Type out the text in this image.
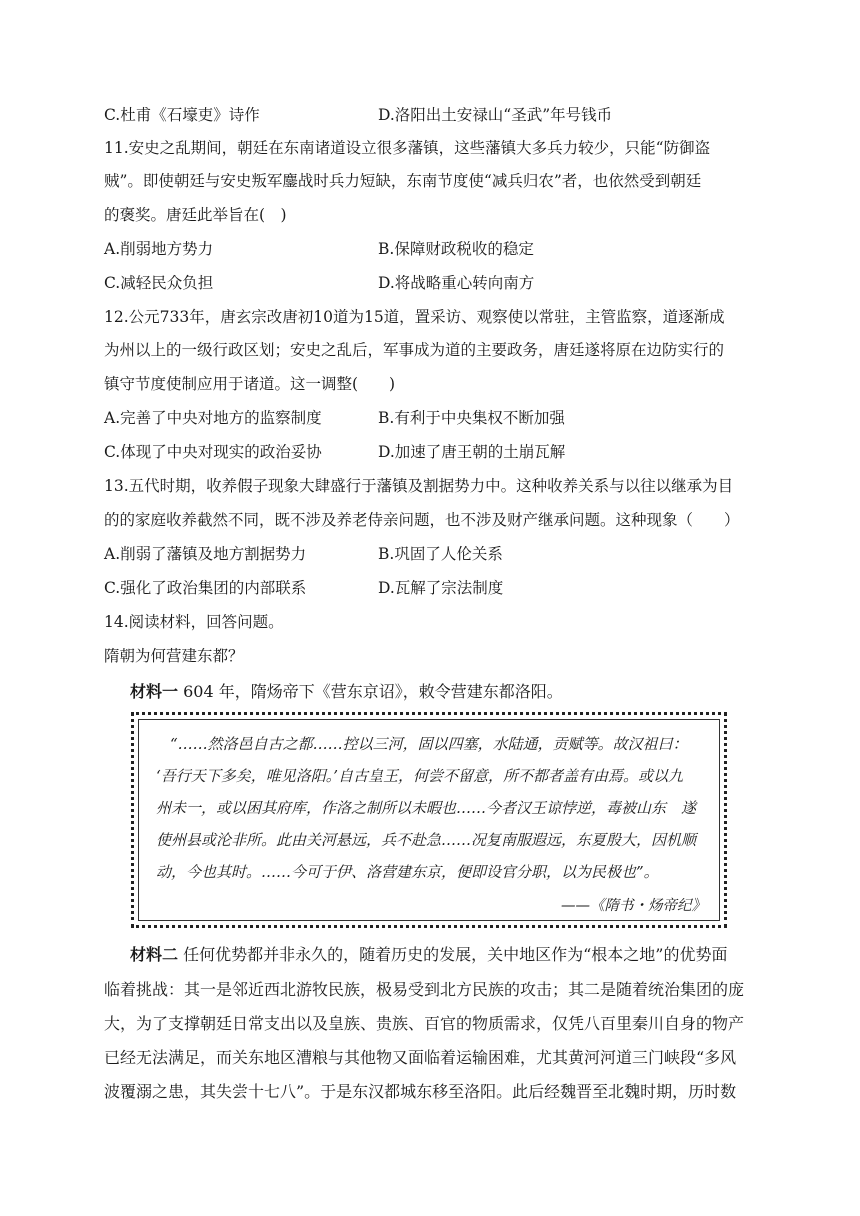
C.杜甫《石壕吏》诗作	D.洛阳出土安禄山“圣武”年号钱币
11.安史之乱期间，朝廷在东南诸道设立很多藩镇，这些藩镇大多兵力较少，只能“防御盗
贼”。即使朝廷与安史叛军鏖战时兵力短缺，东南节度使“减兵归农”者，也依然受到朝廷
的褒奖。唐廷此举旨在(　)
A.削弱地方势力	B.保障财政税收的稳定
C.减轻民众负担	D.将战略重心转向南方
12.公元733年，唐玄宗改唐初10道为15道，置采访、观察使以常驻，主管监察，道逐渐成
为州以上的一级行政区划；安史之乱后，军事成为道的主要政务，唐廷遂将原在边防实行的
镇守节度使制应用于诸道。这一调整(　　)
A.完善了中央对地方的监察制度	B.有利于中央集权不断加强
C.体现了中央对现实的政治妥协	D.加速了唐王朝的土崩瓦解
13.五代时期，收养假子现象大肆盛行于藩镇及割据势力中。这种收养关系与以往以继承为目
的的家庭收养截然不同，既不涉及养老侍亲问题，也不涉及财产继承问题。这种现象（　　）
A.削弱了藩镇及地方割据势力	B.巩固了人伦关系
C.强化了政治集团的内部联系	D.瓦解了宗法制度
14.阅读材料，回答问题。
隋朝为何营建东都？
材料一 604 年，隋炀帝下《营东京诏》，敕令营建东都洛阳。
“……然洛邑自古之都……控以三河，固以四塞，水陆通，贡赋等。故汉祖曰：
‘吾行天下多矣，唯见洛阳。’自古皇王，何尝不留意，所不都者盖有由焉。或以九
州未一，或以困其府库，作洛之制所以未暇也……今者汉王谅悖逆，毒被山东　遂
使州县或沦非所。此由关河悬远，兵不赴急……况复南服遐远，东夏殷大，因机顺
动，今也其时。……今可于伊、洛营建东京，便即设官分职，以为民极也”。
——《隋书・炀帝纪》
材料二 任何优势都并非永久的，随着历史的发展，关中地区作为“根本之地”的优势面
临着挑战：其一是邻近西北游牧民族，极易受到北方民族的攻击；其二是随着统治集团的庞
大，为了支撑朝廷日常支出以及皇族、贵族、百官的物质需求，仅凭八百里秦川自身的物产
已经无法满足，而关东地区漕粮与其他物又面临着运输困难，尤其黄河河道三门峡段“多风
波覆溺之患，其失尝十七八”。于是东汉都城东移至洛阳。此后经魏晋至北魏时期，历时数
